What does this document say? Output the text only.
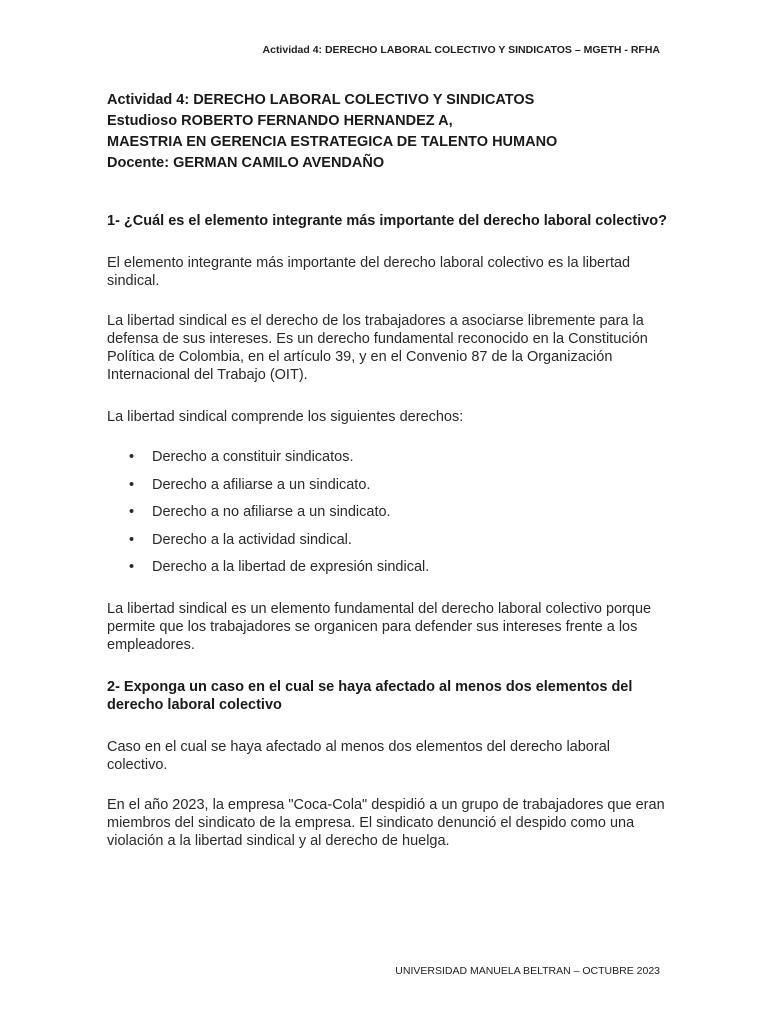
Actividad 4: DERECHO LABORAL COLECTIVO Y SINDICATOS – MGETH - RFHA
Actividad 4: DERECHO LABORAL COLECTIVO Y SINDICATOS
Estudioso ROBERTO FERNANDO HERNANDEZ A,
MAESTRIA EN GERENCIA ESTRATEGICA DE TALENTO HUMANO
Docente: GERMAN CAMILO AVENDAÑO

1- ¿Cuál es el elemento integrante más importante del derecho laboral colectivo?

El elemento integrante más importante del derecho laboral colectivo es la libertad sindical.

La libertad sindical es el derecho de los trabajadores a asociarse libremente para la defensa de sus intereses. Es un derecho fundamental reconocido en la Constitución Política de Colombia, en el artículo 39, y en el Convenio 87 de la Organización Internacional del Trabajo (OIT).

La libertad sindical comprende los siguientes derechos:

• Derecho a constituir sindicatos.
• Derecho a afiliarse a un sindicato.
• Derecho a no afiliarse a un sindicato.
• Derecho a la actividad sindical.
• Derecho a la libertad de expresión sindical.

La libertad sindical es un elemento fundamental del derecho laboral colectivo porque permite que los trabajadores se organicen para defender sus intereses frente a los empleadores.

2- Exponga un caso en el cual se haya afectado al menos dos elementos del derecho laboral colectivo

Caso en el cual se haya afectado al menos dos elementos del derecho laboral colectivo.

En el año 2023, la empresa "Coca-Cola" despidió a un grupo de trabajadores que eran miembros del sindicato de la empresa. El sindicato denunció el despido como una violación a la libertad sindical y al derecho de huelga.

UNIVERSIDAD MANUELA BELTRAN – OCTUBRE 2023
